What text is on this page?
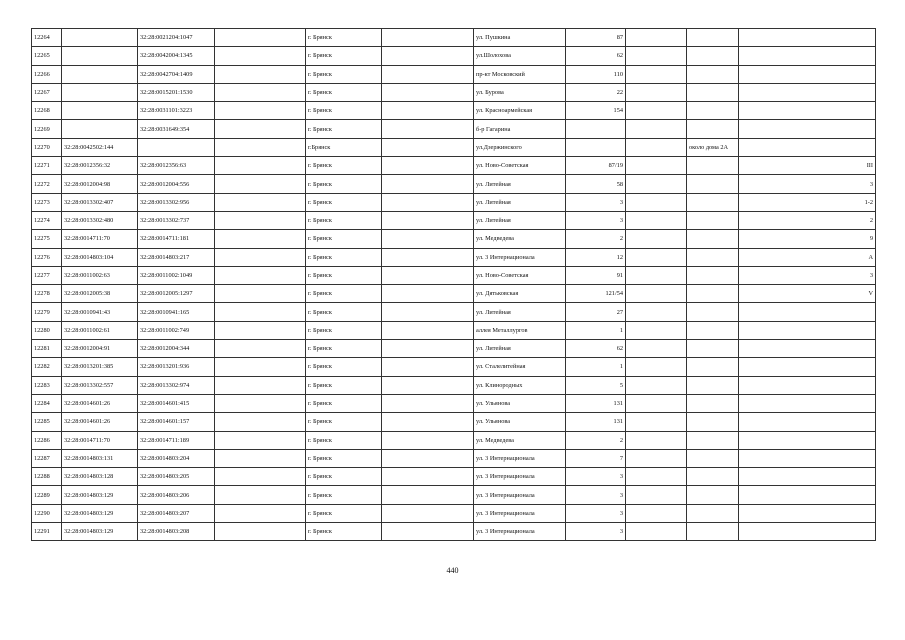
12264		32:28:0021204:1047		г. Брянск		ул. Пушкина	87			
12265		32:28:0042004:1345		г. Брянск		ул.Шолохова	62			
12266		32:28:0042704:1409		г. Брянск		пр-кт Московский	110			
12267		32:28:0015201:1530		г. Брянск		ул. Бурова	22			
12268		32:28:0031101:3223		г. Брянск		ул. Красноармейская	154			
12269		32:28:0031649:354		г. Брянск		б-р Гагарина				
12270	32:28:0042502:144			г.Брянск		ул.Дзержинского			около дома 2А	
12271	32:28:0012356:32	32:28:0012356:63		г. Брянск		ул. Ново-Советская	87/19			III
12272	32:28:0012004:98	32:28:0012004:556		г. Брянск		ул. Литейная	58			3
12273	32:28:0013302:407	32:28:0013302:956		г. Брянск		ул. Литейная	3			1-2
12274	32:28:0013302:480	32:28:0013302:737		г. Брянск		ул. Литейная	3			2
12275	32:28:0014711:70	32:28:0014711:181		г. Брянск		ул. Медведева	2			9
12276	32:28:0014803:104	32:28:0014803:217		г. Брянск		ул. 3 Интернационала	12			А
12277	32:28:0011002:63	32:28:0011002:1049		г. Брянск		ул. Ново-Советская	91			3
12278	32:28:0012005:38	32:28:0012005:1297		г. Брянск		ул. Дятьковская	121/54			V
12279	32:28:0010941:43	32:28:0010941:165		г. Брянск		ул. Литейная	27			
12280	32:28:0011002:61	32:28:0011002:749		г. Брянск		аллея Металлургов	1			
12281	32:28:0012004:91	32:28:0012004:344		г. Брянск		ул. Литейная	62			
12282	32:28:0013201:385	32:28:0013201:936		г. Брянск		ул. Сталелитейная	1			
12283	32:28:0013302:557	32:28:0013302:974		г. Брянск		ул. Клинородных	5			
12284	32:28:0014601:26	32:28:0014601:415		г. Брянск		ул. Ульянова	131			
12285	32:28:0014601:26	32:28:0014601:157		г. Брянск		ул. Ульянова	131			
12286	32:28:0014711:70	32:28:0014711:189		г. Брянск		ул. Медведева	2			
12287	32:28:0014803:131	32:28:0014803:204		г. Брянск		ул. 3 Интернационала	7			
12288	32:28:0014803:128	32:28:0014803:205		г. Брянск		ул. 3 Интернационала	3			
12289	32:28:0014803:129	32:28:0014803:206		г. Брянск		ул. 3 Интернационала	3			
12290	32:28:0014803:129	32:28:0014803:207		г. Брянск		ул. 3 Интернационала	3			
12291	32:28:0014803:129	32:28:0014803:208		г. Брянск		ул. 3 Интернационала	3			
440
